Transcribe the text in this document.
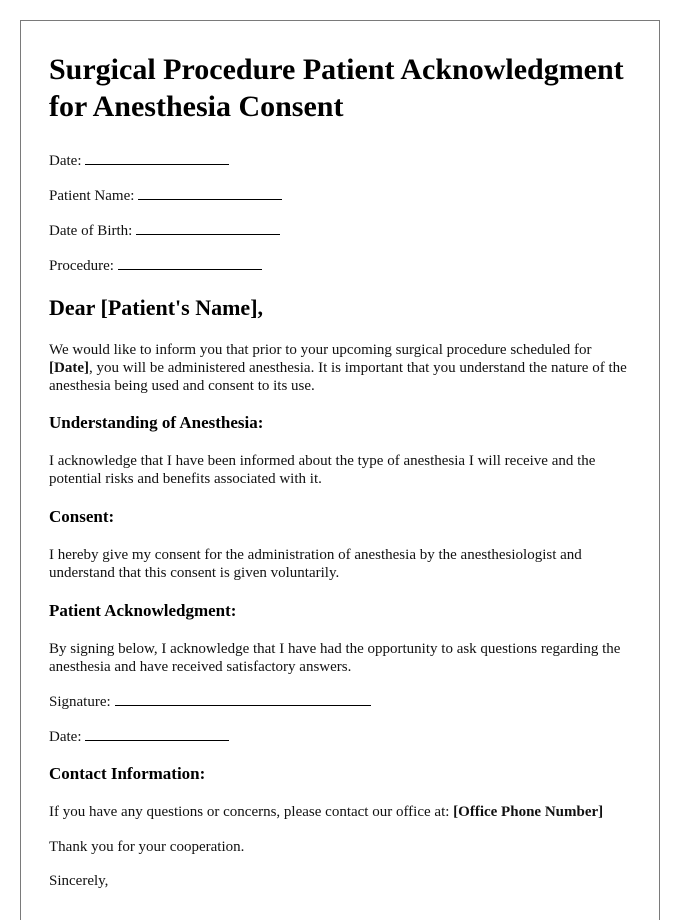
Surgical Procedure Patient Acknowledgment for Anesthesia Consent

Date:

Patient Name:

Date of Birth:

Procedure:

Dear [Patient's Name],

We would like to inform you that prior to your upcoming surgical procedure scheduled for [Date], you will be administered anesthesia. It is important that you understand the nature of the anesthesia being used and consent to its use.

Understanding of Anesthesia:

I acknowledge that I have been informed about the type of anesthesia I will receive and the potential risks and benefits associated with it.

Consent:

I hereby give my consent for the administration of anesthesia by the anesthesiologist and understand that this consent is given voluntarily.

Patient Acknowledgment:

By signing below, I acknowledge that I have had the opportunity to ask questions regarding the anesthesia and have received satisfactory answers.

Signature:

Date:

Contact Information:

If you have any questions or concerns, please contact our office at: [Office Phone Number]

Thank you for your cooperation.

Sincerely,
